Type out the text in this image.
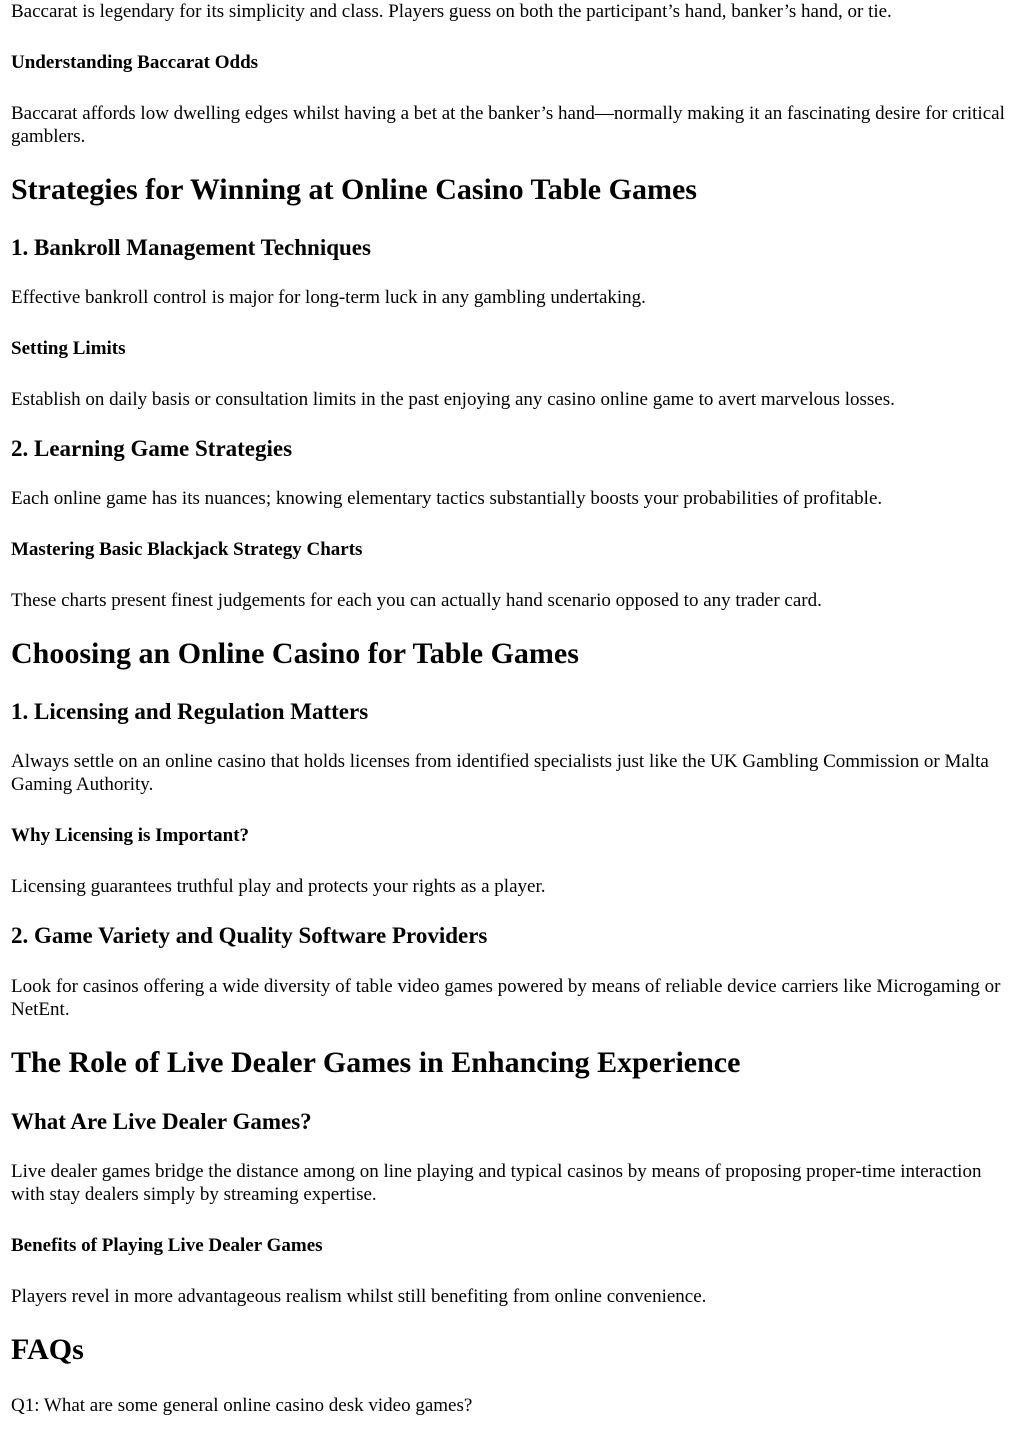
Baccarat is legendary for its simplicity and class. Players guess on both the participant’s hand, banker’s hand, or tie.

Understanding Baccarat Odds

Baccarat affords low dwelling edges whilst having a bet at the banker’s hand—normally making it an fascinating desire for critical gamblers.

Strategies for Winning at Online Casino Table Games
1. Bankroll Management Techniques

Effective bankroll control is major for long-term luck in any gambling undertaking.

Setting Limits

Establish on daily basis or consultation limits in the past enjoying any casino online game to avert marvelous losses.

2. Learning Game Strategies

Each online game has its nuances; knowing elementary tactics substantially boosts your probabilities of profitable.

Mastering Basic Blackjack Strategy Charts

These charts present finest judgements for each you can actually hand scenario opposed to any trader card.

Choosing an Online Casino for Table Games
1. Licensing and Regulation Matters

Always settle on an online casino that holds licenses from identified specialists just like the UK Gambling Commission or Malta Gaming Authority.

Why Licensing is Important?

Licensing guarantees truthful play and protects your rights as a player.

2. Game Variety and Quality Software Providers

Look for casinos offering a wide diversity of table video games powered by means of reliable device carriers like Microgaming or NetEnt.

The Role of Live Dealer Games in Enhancing Experience
What Are Live Dealer Games?

Live dealer games bridge the distance among on line playing and typical casinos by means of proposing proper-time interaction with stay dealers simply by streaming expertise.

Benefits of Playing Live Dealer Games

Players revel in more advantageous realism whilst still benefiting from online convenience.

FAQs

Q1: What are some general online casino desk video games?
